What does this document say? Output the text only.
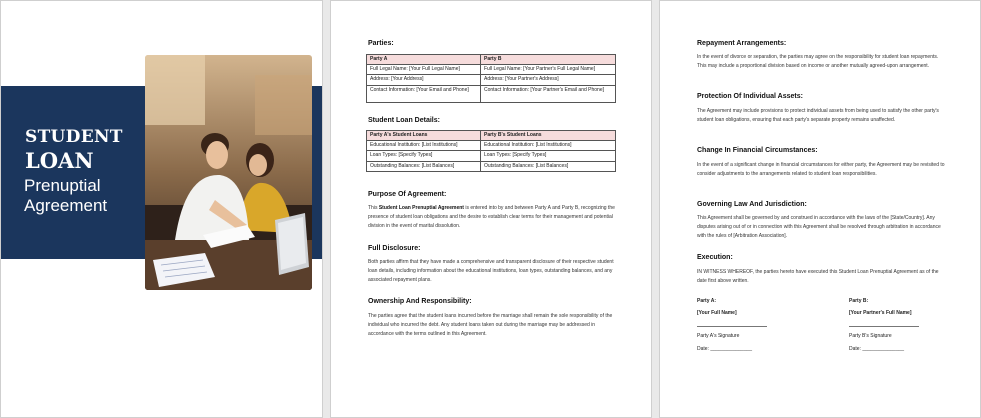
STUDENT
LOAN
Prenuptial Agreement
Parties:
Party A	Party B
Full Legal Name: [Your Full Legal Name]	Full Legal Name: [Your Partner's Full Legal Name]
Address: [Your Address]	Address: [Your Partner's Address]
Contact Information: [Your Email and Phone]	Contact Information: [Your Partner's Email and Phone]
Student Loan Details:
Party A's Student Loans	Party B's Student Loans
Educational Institution: [List Institutions]	Educational Institution: [List Institutions]
Loan Types: [Specify Types]	Loan Types: [Specify Types]
Outstanding Balances: [List Balances]	Outstanding Balances: [List Balances]
Purpose Of Agreement:
This Student Loan Prenuptial Agreement is entered into by and between Party A and Party B, recognizing the presence of student loan obligations and the desire to establish clear terms for their management and potential division in the event of marital dissolution.
Full Disclosure:
Both parties affirm that they have made a comprehensive and transparent disclosure of their respective student loan details, including information about the educational institutions, loan types, outstanding balances, and any associated repayment plans.
Ownership And Responsibility:
The parties agree that the student loans incurred before the marriage shall remain the sole responsibility of the individual who incurred the debt. Any student loans taken out during the marriage may be addressed in accordance with the terms outlined in this Agreement.
Repayment Arrangements:
In the event of divorce or separation, the parties may agree on the responsibility for student loan repayments. This may include a proportional division based on income or another mutually agreed-upon arrangement.
Protection Of Individual Assets:
The Agreement may include provisions to protect individual assets from being used to satisfy the other party's student loan obligations, ensuring that each party's separate property remains unaffected.
Change In Financial Circumstances:
In the event of a significant change in financial circumstances for either party, the Agreement may be revisited to consider adjustments to the arrangements related to student loan responsibilities.
Governing Law And Jurisdiction:
This Agreement shall be governed by and construed in accordance with the laws of the [State/Country]. Any disputes arising out of or in connection with this Agreement shall be resolved through arbitration in accordance with the rules of [Arbitration Association].
Execution:
IN WITNESS WHEREOF, the parties hereto have executed this Student Loan Prenuptial Agreement as of the date first above written.
Party A:
[Your Full Name]
Party A's Signature
Date: _______________
Party B:
[Your Partner's Full Name]
Party B's Signature
Date: _______________
